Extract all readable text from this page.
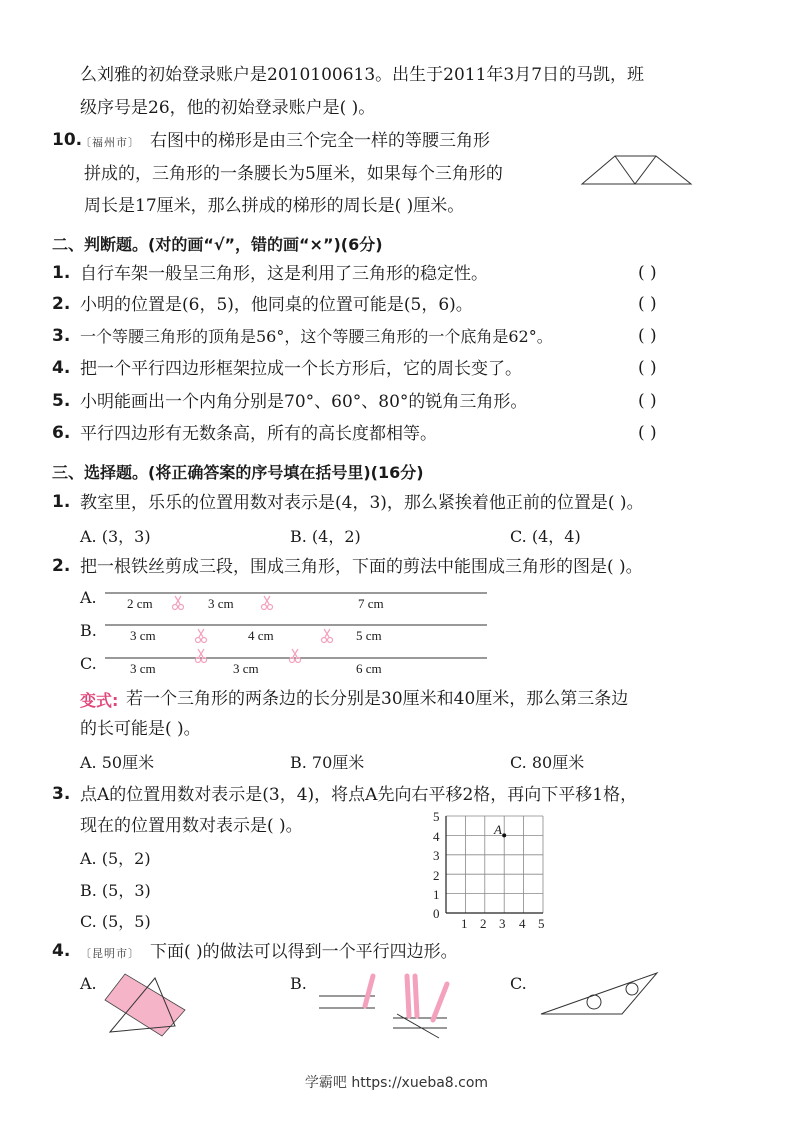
么刘雅的初始登录账户是2010100613。出生于2011年3月7日的马凯，班
级序号是26，他的初始登录账户是( )。
10.
〔福州市〕 右图中的梯形是由三个完全一样的等腰三角形
拼成的，三角形的一条腰长为5厘米，如果每个三角形的
周长是17厘米，那么拼成的梯形的周长是( )厘米。
二、判断题。(对的画“√”，错的画“×”)(6分)
1. 自行车架一般呈三角形，这是利用了三角形的稳定性。	( )
2. 小明的位置是(6，5)，他同桌的位置可能是(5，6)。	( )
3. 一个等腰三角形的顶角是56°，这个等腰三角形的一个底角是62°。	( )
4. 把一个平行四边形框架拉成一个长方形后，它的周长变了。	( )
5. 小明能画出一个内角分别是70°、60°、80°的锐角三角形。	( )
6. 平行四边形有无数条高，所有的高长度都相等。	( )
三、选择题。(将正确答案的序号填在括号里)(16分)
1. 教室里，乐乐的位置用数对表示是(4，3)，那么紧挨着他正前的位置是( )。
A. (3，3)	B. (4，2)	C. (4，4)
2. 把一根铁丝剪成三段，围成三角形，下面的剪法中能围成三角形的图是( )。
A. 2 cm	3 cm	7 cm
B.	3 cm	4 cm	5 cm
C.	3 cm	3 cm	6 cm
变式: 若一个三角形的两条边的长分别是30厘米和40厘米，那么第三条边
的长可能是( )。
A. 50厘米	B. 70厘米	C. 80厘米
3. 点A的位置用数对表示是(3，4)，将点A先向右平移2格，再向下平移1格，
现在的位置用数对表示是( )。
A. (5，2)
B. (5，3)
C. (5，5)
5
4
3
2
1
0
1 2 3 4 5
A
4. 〔昆明市〕 下面( )的做法可以得到一个平行四边形。
A.	B.	C.
学霸吧 https://xueba8.com
